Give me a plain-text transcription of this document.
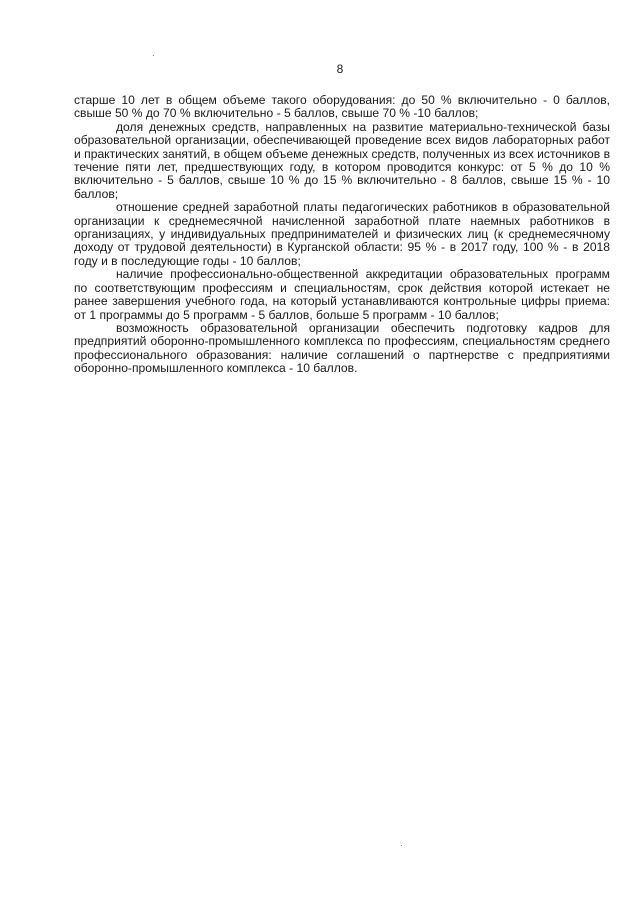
8

старше 10 лет в общем объеме такого оборудования: до 50 % включительно - 0 баллов, свыше 50 % до 70 % включительно - 5 баллов, свыше 70 % -10 баллов;

доля денежных средств, направленных на развитие материально-технической базы образовательной организации, обеспечивающей проведение всех видов лабораторных работ и практических занятий, в общем объеме денежных средств, полученных из всех источников в течение пяти лет, предшествующих году, в котором проводится конкурс: от 5 % до 10 % включительно - 5 баллов, свыше 10 % до 15 % включительно - 8 баллов, свыше 15 % - 10 баллов;

отношение средней заработной платы педагогических работников в образовательной организации к среднемесячной начисленной заработной плате наемных работников в организациях, у индивидуальных предпринимателей и физических лиц (к среднемесячному доходу от трудовой деятельности) в Курганской области: 95 % - в 2017 году, 100 % - в 2018 году и в последующие годы - 10 баллов;

наличие профессионально-общественной аккредитации образовательных программ по соответствующим профессиям и специальностям, срок действия которой истекает не ранее завершения учебного года, на который устанавливаются контрольные цифры приема: от 1 программы до 5 программ - 5 баллов, больше 5 программ - 10 баллов;

возможность образовательной организации обеспечить подготовку кадров для предприятий оборонно-промышленного комплекса по профессиям, специальностям среднего профессионального образования: наличие соглашений о партнерстве с предприятиями оборонно-промышленного комплекса - 10 баллов.
